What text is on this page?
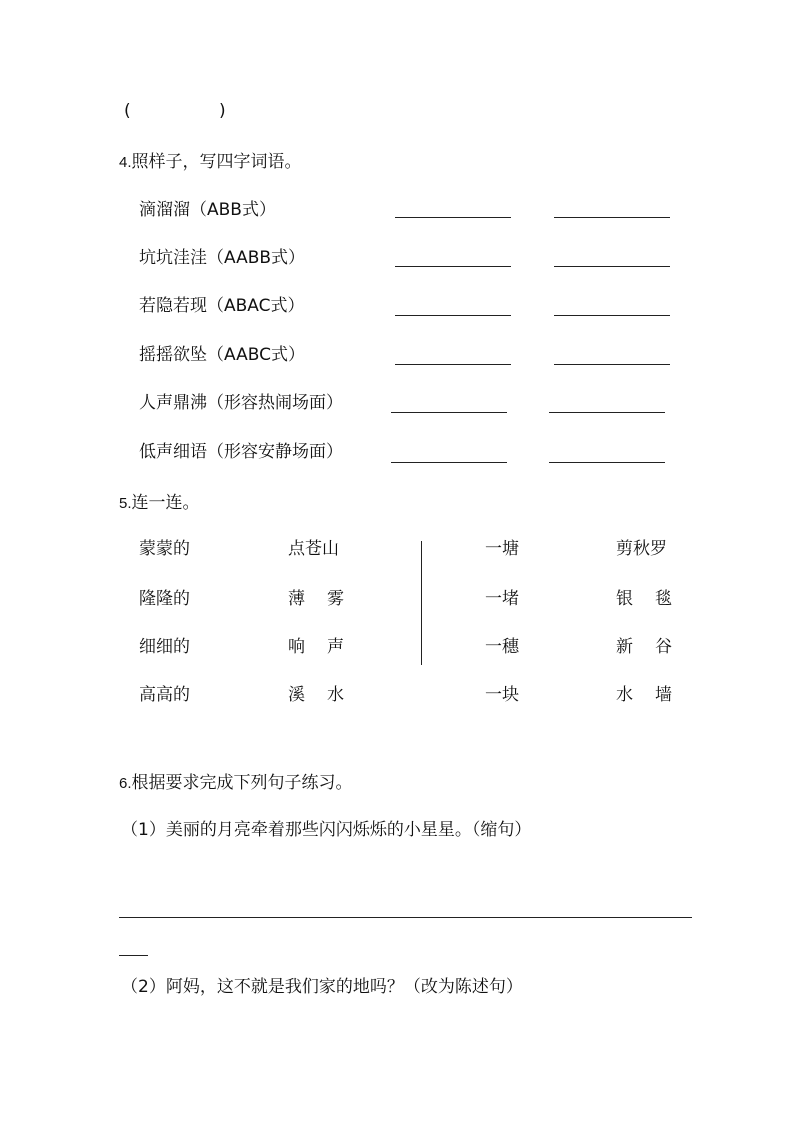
(	)
4.照样子，写四字词语。
滴溜溜（ABB式）
坑坑洼洼（AABB式）
若隐若现（ABAC式）
摇摇欲坠（AABC式）
人声鼎沸（形容热闹场面）
低声细语（形容安静场面）
5.连一连。
蒙蒙的
隆隆的
细细的
高高的
点苍山
薄雾
响声
溪水
一塘
一堵
一穗
一块
剪秋罗
银毯
新谷
水墙
6.根据要求完成下列句子练习。
（1）美丽的月亮牵着那些闪闪烁烁的小星星。（缩句）
（2）阿妈，这不就是我们家的地吗？（改为陈述句）
